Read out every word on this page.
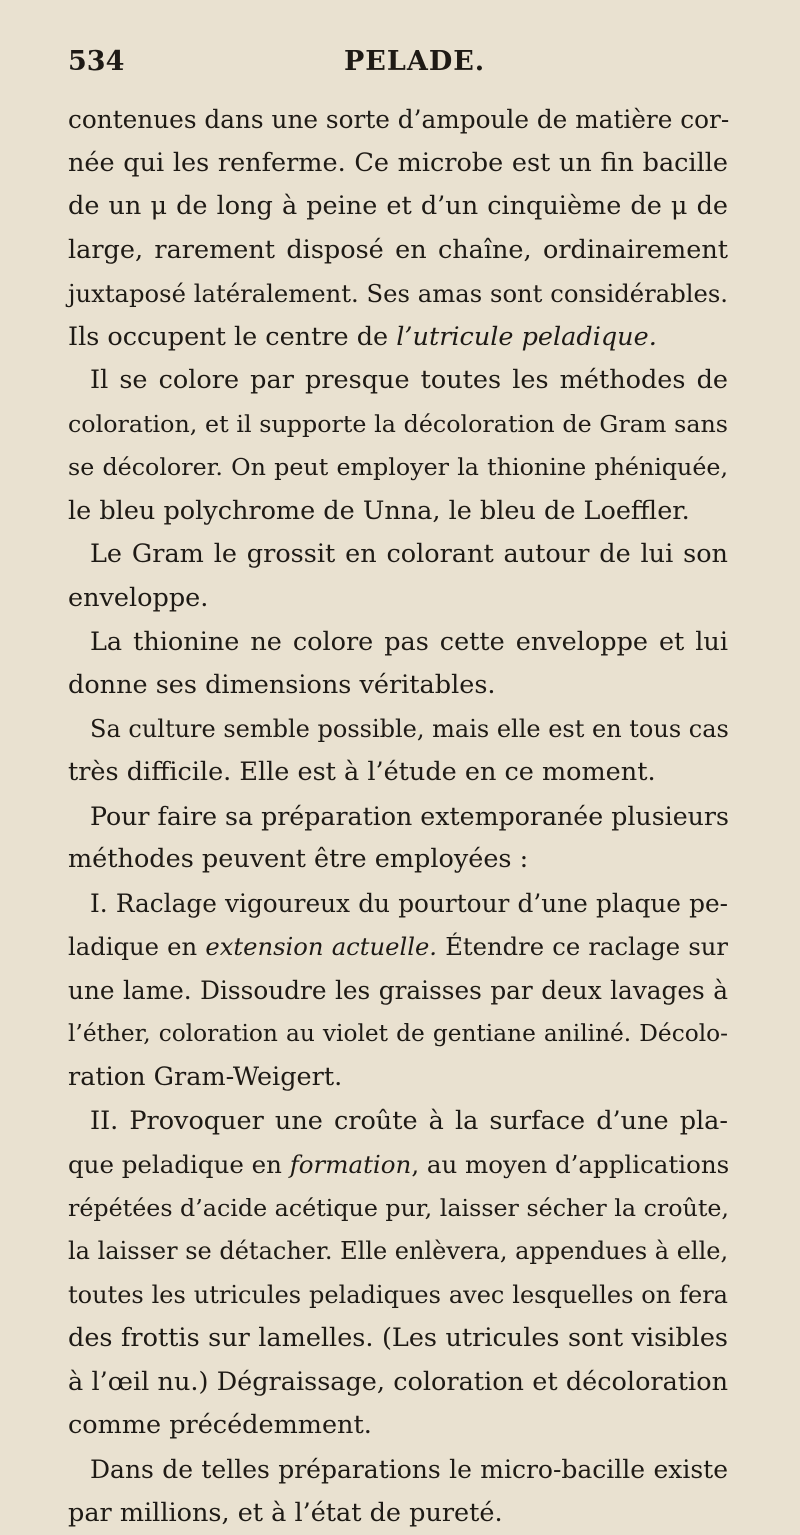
534	PELADE.
contenues dans une sorte d’ampoule de matière cor-
née qui les renferme. Ce microbe est un fin bacille
de un μ de long à peine et d’un cinquième de μ de
large, rarement disposé en chaîne, ordinairement
juxtaposé latéralement. Ses amas sont considérables.
Ils occupent le centre de l’utricule peladique.
Il se colore par presque toutes les méthodes de
coloration, et il supporte la décoloration de Gram sans
se décolorer. On peut employer la thionine phéniquée,
le bleu polychrome de Unna, le bleu de Loeffler.
Le Gram le grossit en colorant autour de lui son
enveloppe.
La thionine ne colore pas cette enveloppe et lui
donne ses dimensions véritables.
Sa culture semble possible, mais elle est en tous cas
très difficile. Elle est à l’étude en ce moment.
Pour faire sa préparation extemporanée plusieurs
méthodes peuvent être employées :
I. Raclage vigoureux du pourtour d’une plaque pe-
ladique en extension actuelle. Étendre ce raclage sur
une lame. Dissoudre les graisses par deux lavages à
l’éther, coloration au violet de gentiane aniliné. Décolo-
ration Gram-Weigert.
II. Provoquer une croûte à la surface d’une pla-
que peladique en formation, au moyen d’applications
répétées d’acide acétique pur, laisser sécher la croûte,
la laisser se détacher. Elle enlèvera, appendues à elle,
toutes les utricules peladiques avec lesquelles on fera
des frottis sur lamelles. (Les utricules sont visibles
à l’œil nu.) Dégraissage, coloration et décoloration
comme précédemment.
Dans de telles préparations le micro-bacille existe
par millions, et à l’état de pureté.
